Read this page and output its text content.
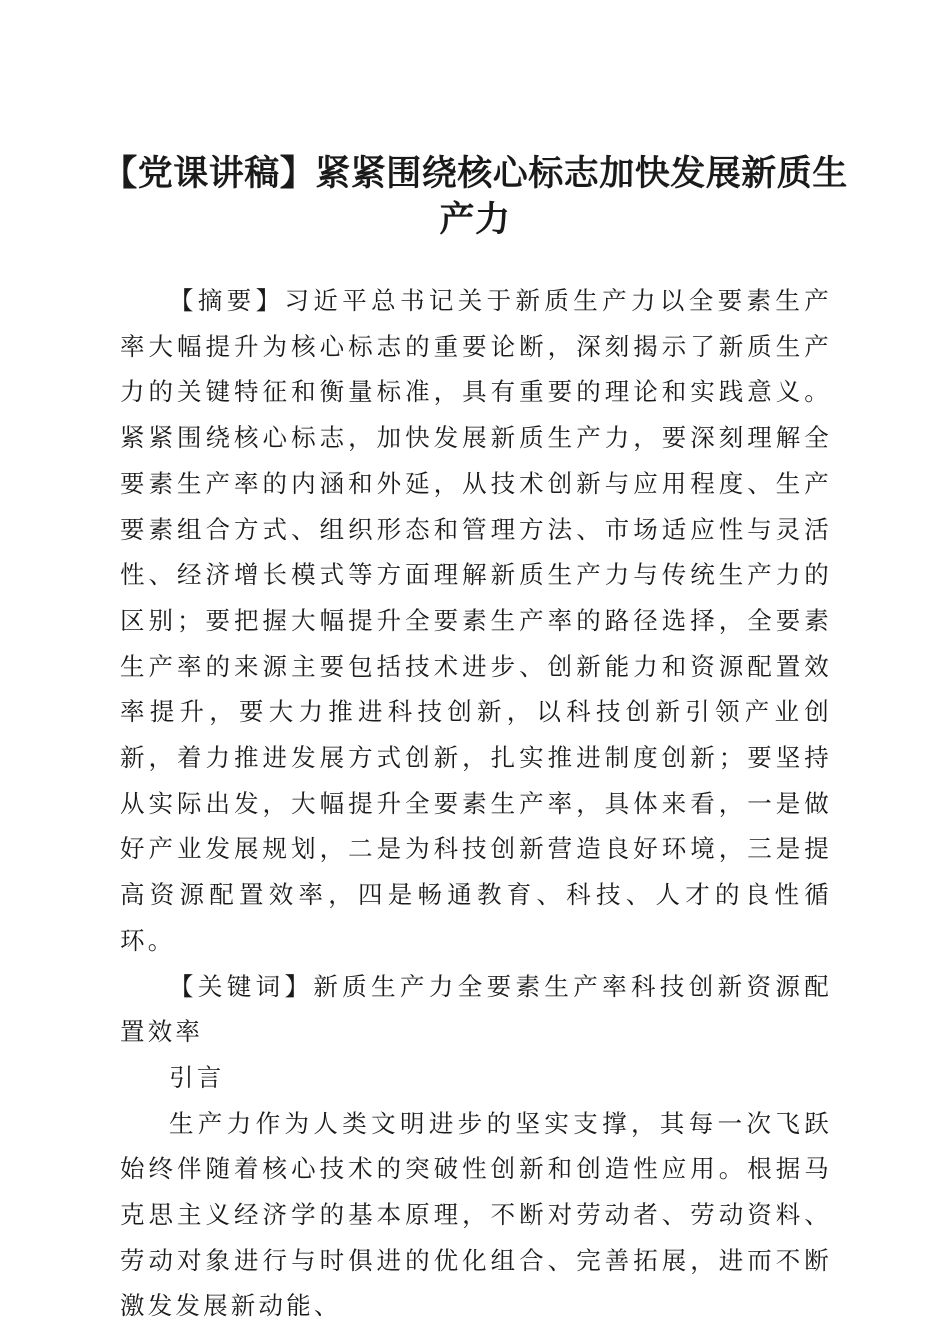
【党课讲稿】紧紧围绕核心标志加快发展新质生产力

【摘要】习近平总书记关于新质生产力以全要素生产率大幅提升为核心标志的重要论断，深刻揭示了新质生产力的关键特征和衡量标准，具有重要的理论和实践意义。紧紧围绕核心标志，加快发展新质生产力，要深刻理解全要素生产率的内涵和外延，从技术创新与应用程度、生产要素组合方式、组织形态和管理方法、市场适应性与灵活性、经济增长模式等方面理解新质生产力与传统生产力的区别；要把握大幅提升全要素生产率的路径选择，全要素生产率的来源主要包括技术进步、创新能力和资源配置效率提升，要大力推进科技创新，以科技创新引领产业创新，着力推进发展方式创新，扎实推进制度创新；要坚持从实际出发，大幅提升全要素生产率，具体来看，一是做好产业发展规划，二是为科技创新营造良好环境，三是提高资源配置效率，四是畅通教育、科技、人才的良性循环。

【关键词】新质生产力全要素生产率科技创新资源配置效率

引言

生产力作为人类文明进步的坚实支撑，其每一次飞跃始终伴随着核心技术的突破性创新和创造性应用。根据马克思主义经济学的基本原理，不断对劳动者、劳动资料、劳动对象进行与时俱进的优化组合、完善拓展，进而不断激发发展新动能、
